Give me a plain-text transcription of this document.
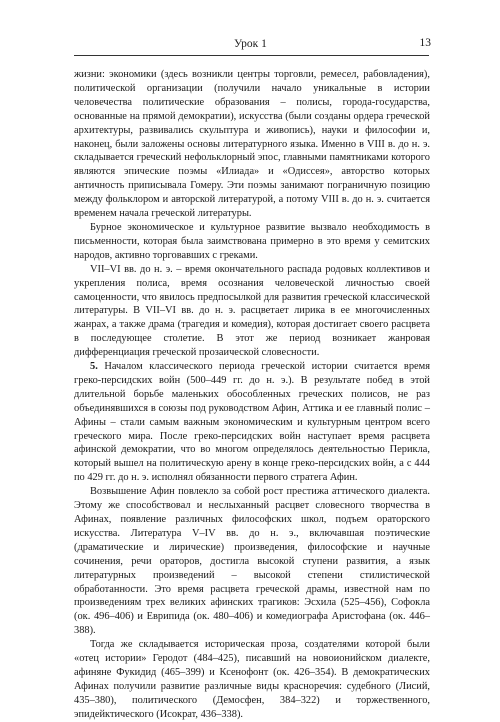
Урок 1	13

жизни: экономики (здесь возникли центры торговли, ремесел, рабовладения), политической организации (получили начало уникальные в истории человечества политические образования – полисы, города-государства, основанные на прямой демократии), искусства (были созданы ордера греческой архитектуры, развивались скульптура и живопись), науки и философии и, наконец, были заложены основы литературного языка. Именно в VIII в. до н. э. складывается греческий нефольклорный эпос, главными памятниками которого являются эпические поэмы «Илиада» и «Одиссея», авторство которых античность приписывала Гомеру. Эти поэмы занимают пограничную позицию между фольклором и авторской литературой, а потому VIII в. до н. э. считается временем начала греческой литературы.

Бурное экономическое и культурное развитие вызвало необходимость в письменности, которая была заимствована примерно в это время у семитских народов, активно торговавших с греками.

VII–VI вв. до н. э. – время окончательного распада родовых коллективов и укрепления полиса, время осознания человеческой личностью своей самоценности, что явилось предпосылкой для развития греческой классической литературы. В VII–VI вв. до н. э. расцветает лирика в ее многочисленных жанрах, а также драма (трагедия и комедия), которая достигает своего расцвета в последующее столетие. В этот же период возникает жанровая дифференциация греческой прозаической словесности.

5. Началом классического периода греческой истории считается время греко-персидских войн (500–449 гг. до н. э.). В результате побед в этой длительной борьбе маленьких обособленных греческих полисов, не раз объединявшихся в союзы под руководством Афин, Аттика и ее главный полис – Афины – стали самым важным экономическим и культурным центром всего греческого мира. После греко-персидских войн наступает время расцвета афинской демократии, что во многом определялось деятельностью Перикла, который вышел на политическую арену в конце греко-персидских войн, а с 444 по 429 гг. до н. э. исполнял обязанности первого стратега Афин.

Возвышение Афин повлекло за собой рост престижа аттического диалекта. Этому же способствовал и неслыханный расцвет словесного творчества в Афинах, появление различных философских школ, подъем ораторского искусства. Литература V–IV вв. до н. э., включавшая поэтические (драматические и лирические) произведения, философские и научные сочинения, речи ораторов, достигла высокой ступени развития, а язык литературных произведений – высокой степени стилистической обработанности. Это время расцвета греческой драмы, известной нам по произведениям трех великих афинских трагиков: Эсхила (525–456), Софокла (ок. 496–406) и Еврипида (ок. 480–406) и комедиографа Аристофана (ок. 446–388).

Тогда же складывается историческая проза, создателями которой были «отец истории» Геродот (484–425), писавший на новоионийском диалекте, афиняне Фукидид (465–399) и Ксенофонт (ок. 426–354). В демократических Афинах получили развитие различные виды красноречия: судебного (Лисий, 435–380), политического (Демосфен, 384–322) и торжественного, эпидейктического (Исократ, 436–338).
